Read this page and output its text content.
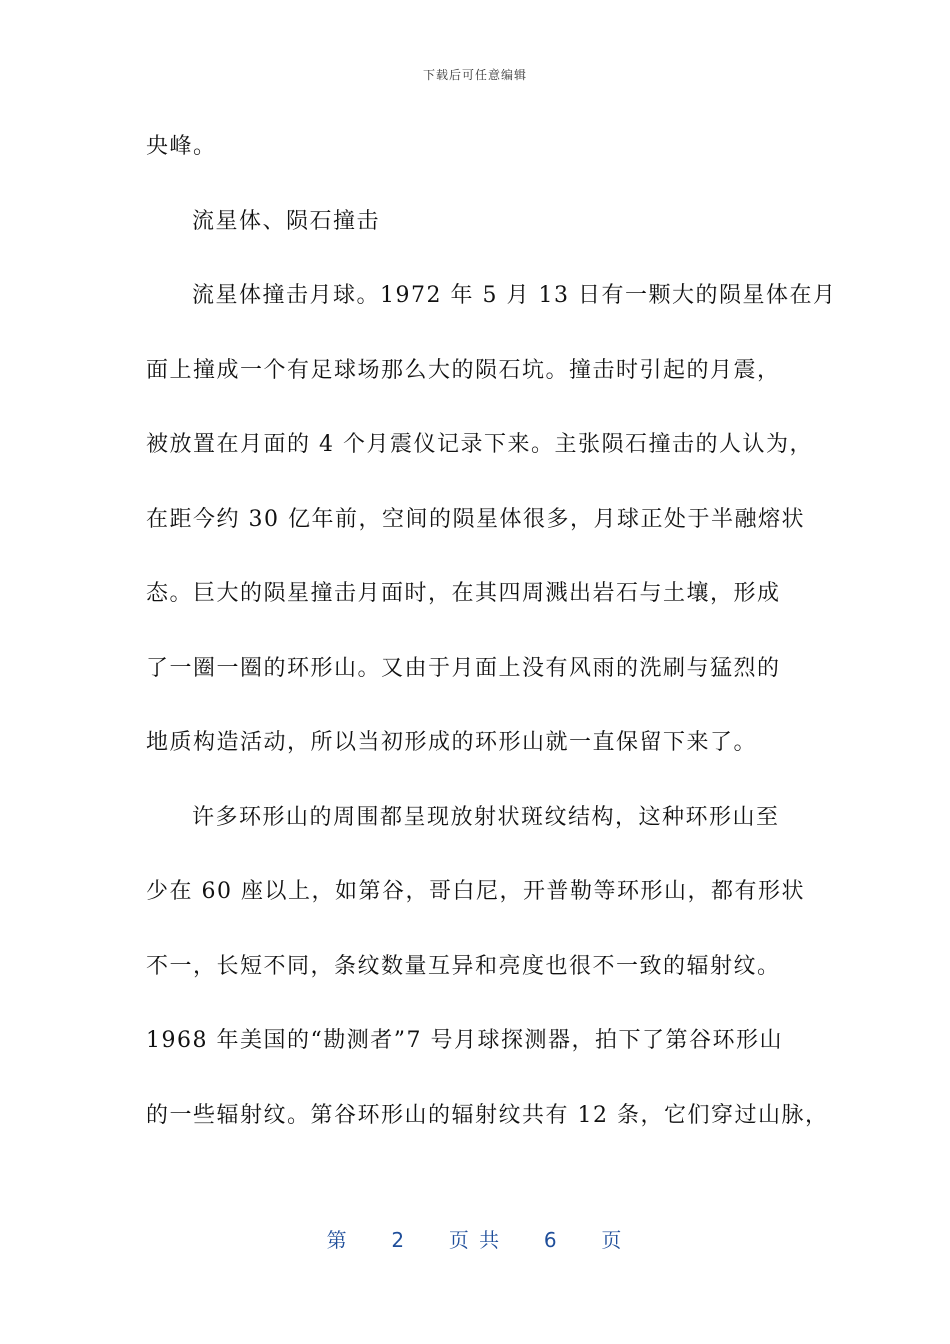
下载后可任意编辑
央峰。
流星体、陨石撞击
流星体撞击月球。1972 年 5 月 13 日有一颗大的陨星体在月
面上撞成一个有足球场那么大的陨石坑。撞击时引起的月震，
被放置在月面的 4 个月震仪记录下来。主张陨石撞击的人认为，
在距今约 30 亿年前，空间的陨星体很多，月球正处于半融熔状
态。巨大的陨星撞击月面时，在其四周溅出岩石与土壤，形成
了一圈一圈的环形山。又由于月面上没有风雨的洗刷与猛烈的
地质构造活动，所以当初形成的环形山就一直保留下来了。
许多环形山的周围都呈现放射状斑纹结构，这种环形山至
少在 60 座以上，如第谷，哥白尼，开普勒等环形山，都有形状
不一，长短不同，条纹数量互异和亮度也很不一致的辐射纹。
1968 年美国的“勘测者”7 号月球探测器，拍下了第谷环形山
的一些辐射纹。第谷环形山的辐射纹共有 12 条，它们穿过山脉，
第 2 页 共 6 页
